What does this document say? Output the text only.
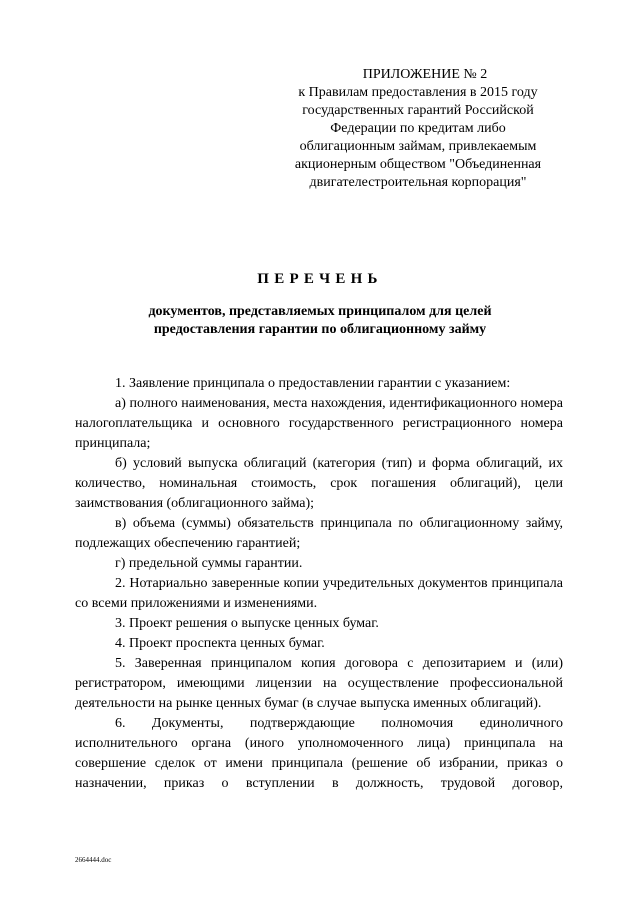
ПРИЛОЖЕНИЕ № 2
к Правилам предоставления в 2015 году
государственных гарантий Российской
Федерации по кредитам либо
облигационным займам, привлекаемым
акционерным обществом "Объединенная
двигателестроительная корпорация"
ПЕРЕЧЕНЬ
документов, представляемых принципалом для целей
предоставления гарантии по облигационному займу

1. Заявление принципала о предоставлении гарантии с указанием:

а) полного наименования, места нахождения, идентификационного номера налогоплательщика и основного государственного регистрационного номера принципала;

б) условий выпуска облигаций (категория (тип) и форма облигаций, их количество, номинальная стоимость, срок погашения облигаций), цели заимствования (облигационного займа);

в) объема (суммы) обязательств принципала по облигационному займу, подлежащих обеспечению гарантией;

г) предельной суммы гарантии.

2. Нотариально заверенные копии учредительных документов принципала со всеми приложениями и изменениями.

3. Проект решения о выпуске ценных бумаг.

4. Проект проспекта ценных бумаг.

5. Заверенная принципалом копия договора с депозитарием и (или) регистратором, имеющими лицензии на осуществление профессиональной деятельности на рынке ценных бумаг (в случае выпуска именных облигаций).

6. Документы, подтверждающие полномочия единоличного исполнительного органа (иного уполномоченного лица) принципала на совершение сделок от имени принципала (решение об избрании, приказ о назначении, приказ о вступлении в должность, трудовой договор,

2664444.doc
